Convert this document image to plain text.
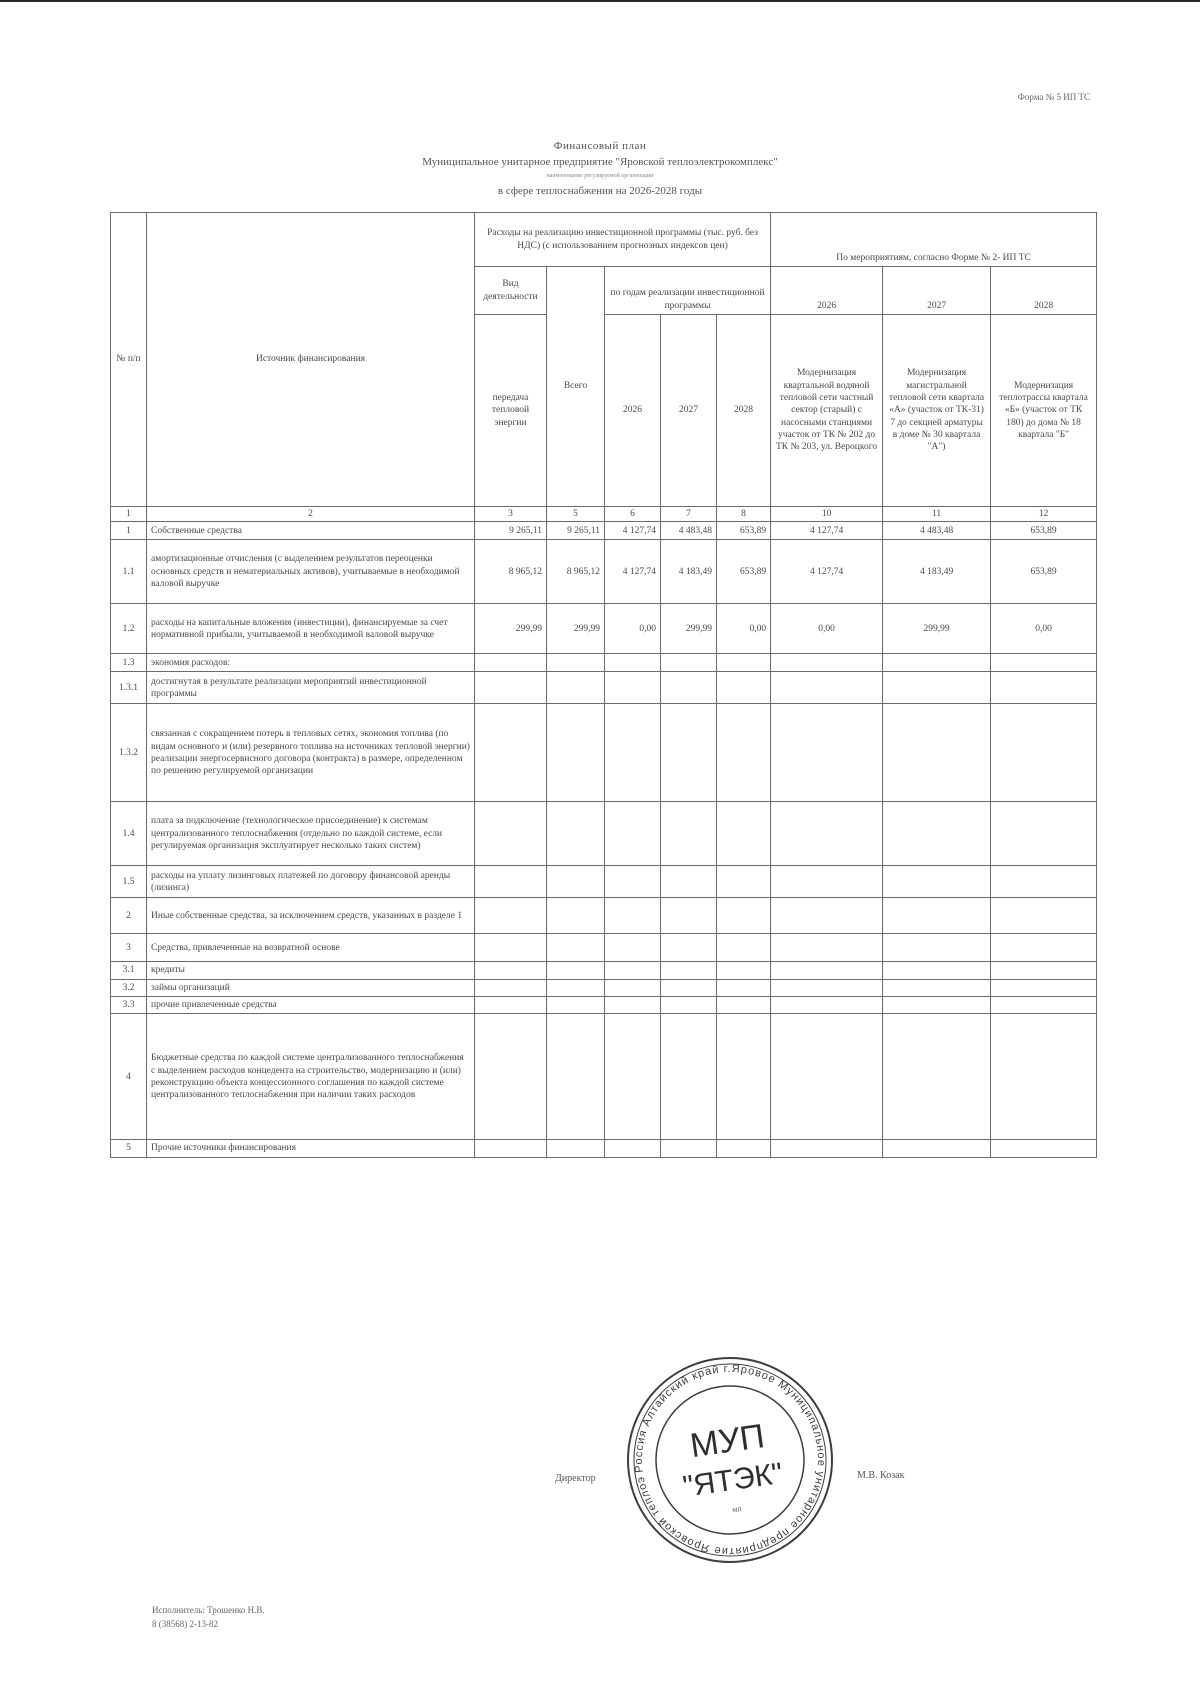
Форма № 5 ИП ТС
Финансовый план
Муниципальное унитарное предприятие "Яровской теплоэлектрокомплекс"
наименование регулируемой организации
в сфере теплоснабжения на 2026-2028 годы
№ п/п	Источник финансирования	Расходы на реализацию инвестиционной программы (тыс. руб. без НДС) (с использованием прогнозных индексов цен)					По мероприятиям, согласно Форме № 2- ИП ТС		
		Вид деятельности	Всего	по годам реализации инвестиционной программы			2026	2027	2028
		передача тепловой энергии		2026	2027	2028	Модернизация квартальной водяной тепловой сети частный сектор (старый) с насосными станциями участок от ТК № 202 до ТК № 203, ул. Вероцкого	Модернизация магистральной тепловой сети квартала «А» (участок от ТК-31) 7 до секцией арматуры в доме № 30 квартала "А")	Модернизация теплотрассы квартала «Б» (участок от ТК 180) до дома № 18 квартала "Б"
1	2	3	5	6	7	8	10	11	12
1	Собственные средства	9 265,11	9 265,11	4 127,74	4 483,48	653,89	4 127,74	4 483,48	653,89
1.1	амортизационные отчисления (с выделением результатов переоценки основных средств и нематериальных активов), учитываемые в необходимой валовой выручке	8 965,12	8 965,12	4 127,74	4 183,49	653,89	4 127,74	4 183,49	653,89
1.2	расходы на капитальные вложения (инвестиции), финансируемые за счет нормативной прибыли, учитываемой в необходимой валовой выручке	299,99	299,99	0,00	299,99	0,00	0,00	299,99	0,00
1.3	экономия расходов:								
1.3.1	достигнутая в результате реализации мероприятий инвестиционной программы								
1.3.2	связанная с сокращением потерь в тепловых сетях, экономия топлива (по видам основного и (или) резервного топлива на источниках тепловой энергии) реализации энергосервисного договора (контракта) в размере, определенном по решению регулируемой организации								
1.4	плата за подключение (технологическое присоединение) к системам централизованного теплоснабжения (отдельно по каждой системе, если регулируемая организация эксплуатирует несколько таких систем)								
1.5	расходы на уплату лизинговых платежей по договору финансовой аренды (лизинга)								
2	Иные собственные средства, за исключением средств, указанных в разделе 1								
3	Средства, привлеченные на возвратной основе								
3.1	кредиты								
3.2	займы организаций								
3.3	прочие привлеченные средства								
4	Бюджетные средства по каждой системе централизованного теплоснабжения с выделением расходов концедента на строительство, модернизацию и (или) реконструкцию объекта концессионного соглашения по каждой системе централизованного теплоснабжения при наличии таких расходов								
5	Прочие источники финансирования								
Директор	М.В. Козак
Россия Алтайский край г.Яровое Муниципальное унитарное предприятие Яровской теплоэлектрокомплекс
МУП
"ЯТЭК"
мп
Исполнитель: Трошенко Н.В.
8 (38568) 2-13-82
